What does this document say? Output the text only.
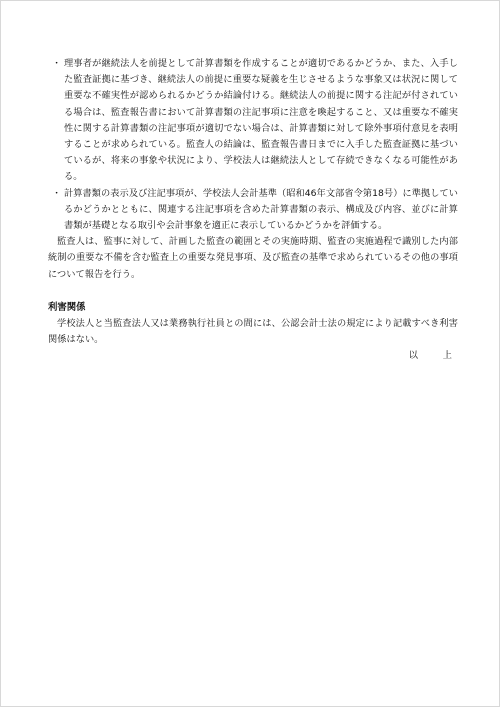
・ 理事者が継続法人を前提として計算書類を作成することが適切であるかどうか、また、入手した監査証拠に基づき、継続法人の前提に重要な疑義を生じさせるような事象又は状況に関して重要な不確実性が認められるかどうか結論付ける。継続法人の前提に関する注記が付されている場合は、監査報告書において計算書類の注記事項に注意を喚起すること、又は重要な不確実性に関する計算書類の注記事項が適切でない場合は、計算書類に対して除外事項付意見を表明することが求められている。監査人の結論は、監査報告書日までに入手した監査証拠に基づいているが、将来の事象や状況により、学校法人は継続法人として存続できなくなる可能性がある。
・ 計算書類の表示及び注記事項が、学校法人会計基準（昭和46年文部省令第18号）に準拠しているかどうかとともに、関連する注記事項を含めた計算書類の表示、構成及び内容、並びに計算書類が基礎となる取引や会計事象を適正に表示しているかどうかを評価する。
監査人は、監事に対して、計画した監査の範囲とその実施時期、監査の実施過程で識別した内部統制の重要な不備を含む監査上の重要な発見事項、及び監査の基準で求められているその他の事項について報告を行う。
利害関係
学校法人と当監査法人又は業務執行社員との間には、公認会計士法の規定により記載すべき利害関係はない。
以 上
